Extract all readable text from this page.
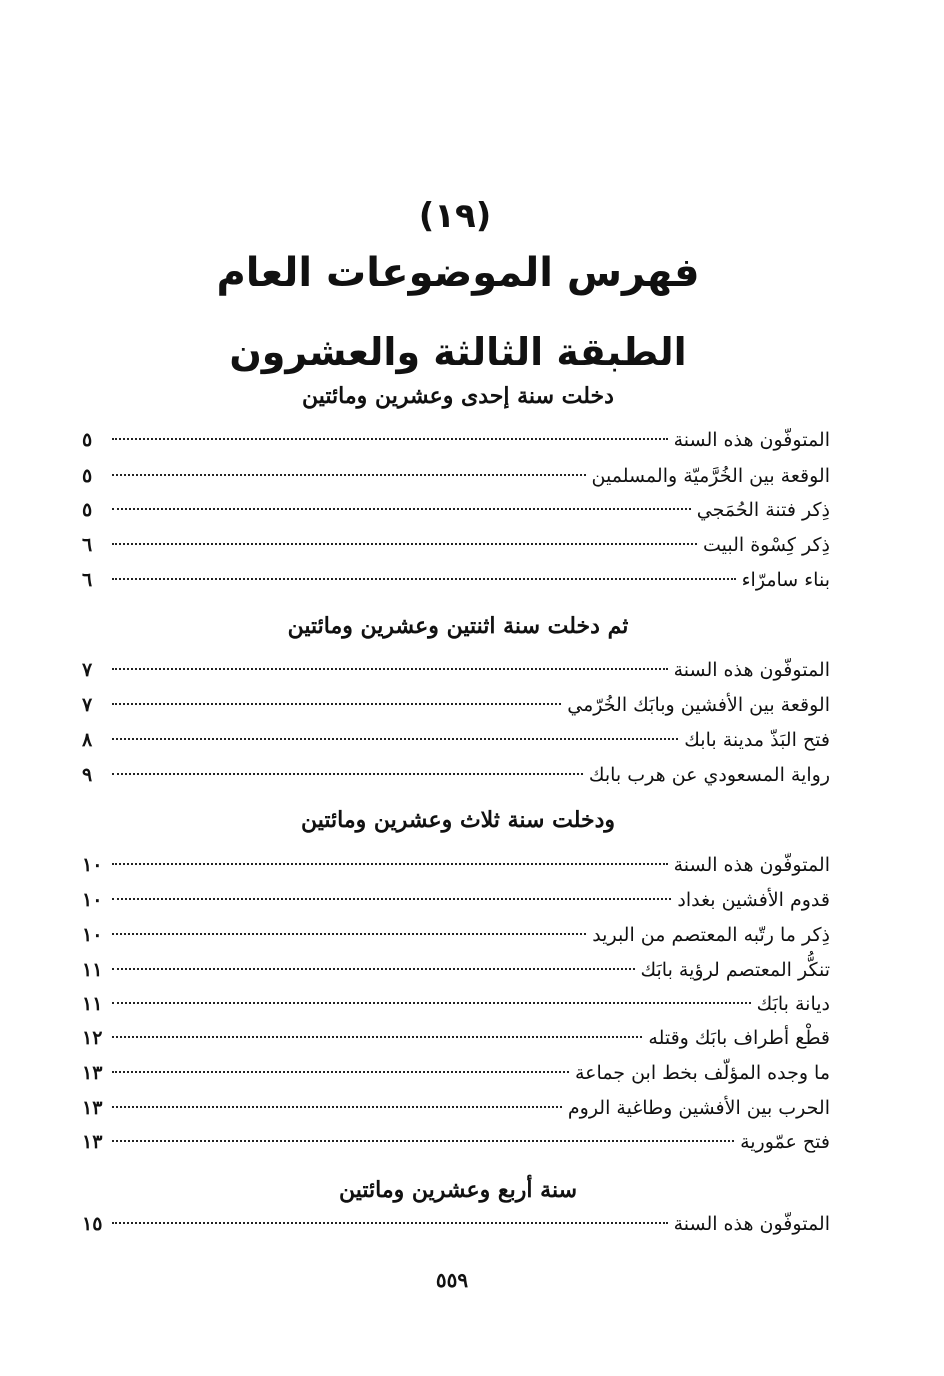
(١٩)
فهرس الموضوعات العام
الطبقة الثالثة والعشرون
دخلت سنة إحدى وعشرين ومائتين
المتوفّون هذه السنة
٥
الوقعة بين الخُرَّميّة والمسلمين
٥
ذِكر فتنة الحُمَجي
٥
ذِكر كِسْوة البيت
٦
بناء سامرّاء
٦
ثم دخلت سنة اثنتين وعشرين ومائتين
المتوفّون هذه السنة
٧
الوقعة بين الأفشين وبابَك الخُرّمي
٧
فتح البَذّ مدينة بابك
٨
رواية المسعودي عن هرب بابك
٩
ودخلت سنة ثلاث وعشرين ومائتين
المتوفّون هذه السنة
١٠
قدوم الأفشين بغداد
١٠
ذِكر ما رتّبه المعتصم من البريد
١٠
تنكُّر المعتصم لرؤية بابَك
١١
ديانة بابَك
١١
قطْع أطراف بابَك وقتله
١٢
ما وجده المؤلّف بخط ابن جماعة
١٣
الحرب بين الأفشين وطاغية الروم
١٣
فتح عمّورية
١٣
سنة أربع وعشرين ومائتين
المتوفّون هذه السنة
١٥
٥٥٩
